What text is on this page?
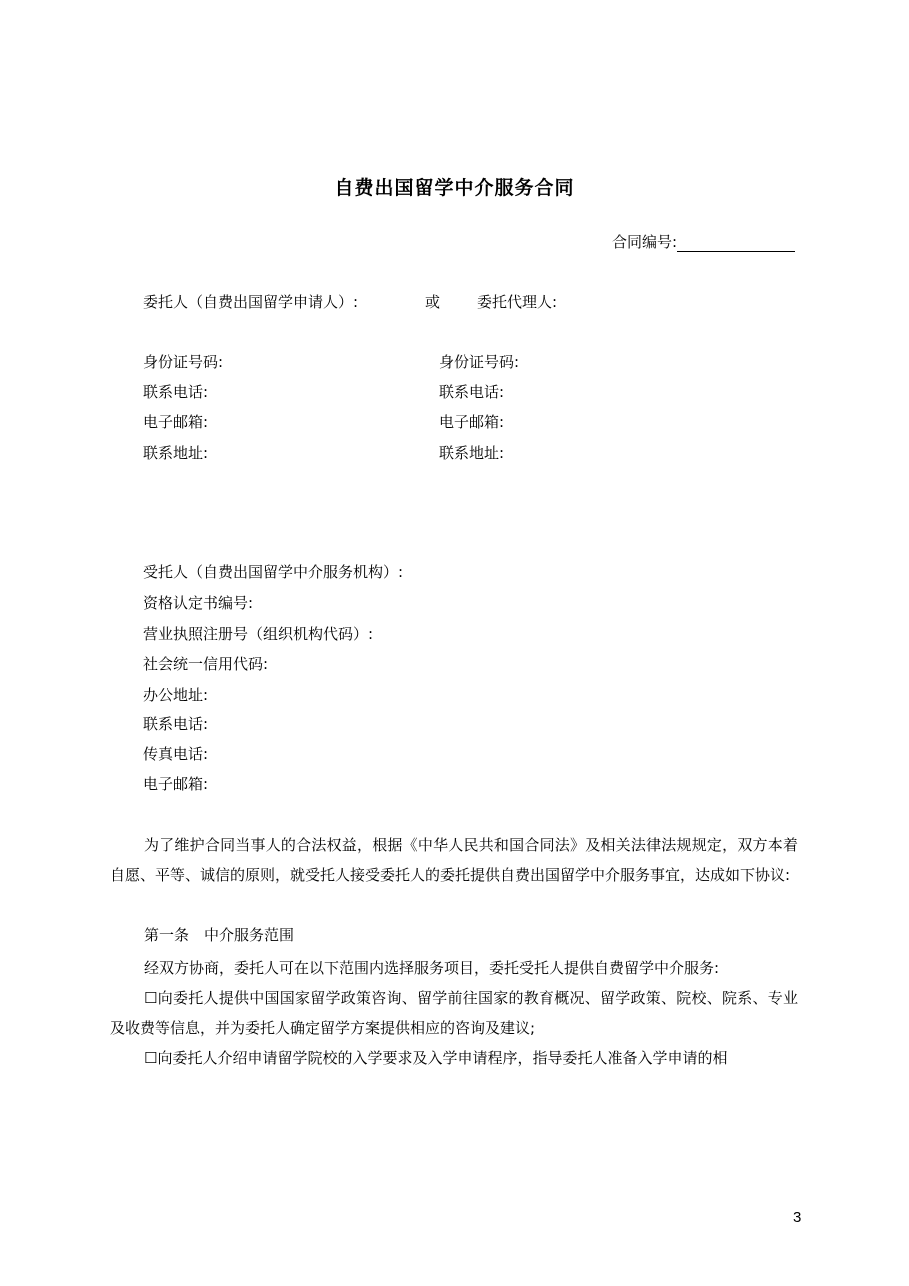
自费出国留学中介服务合同
合同编号:
委托人（自费出国留学申请人）:	或 委托代理人:
身份证号码:
联系电话:
电子邮箱:
联系地址:
身份证号码:
联系电话:
电子邮箱:
联系地址:
受托人（自费出国留学中介服务机构）:
资格认定书编号:
营业执照注册号（组织机构代码）:
社会统一信用代码:
办公地址:
联系电话:
传真电话:
电子邮箱:
为了维护合同当事人的合法权益，根据《中华人民共和国合同法》及相关法律法规规定，双方本着自愿、平等、诚信的原则，就受托人接受委托人的委托提供自费出国留学中介服务事宜，达成如下协议:
第一条　中介服务范围
经双方协商，委托人可在以下范围内选择服务项目，委托受托人提供自费留学中介服务:
☐向委托人提供中国国家留学政策咨询、留学前往国家的教育概况、留学政策、院校、院系、专业及收费等信息，并为委托人确定留学方案提供相应的咨询及建议;
☐向委托人介绍申请留学院校的入学要求及入学申请程序，指导委托人准备入学申请的相
3
